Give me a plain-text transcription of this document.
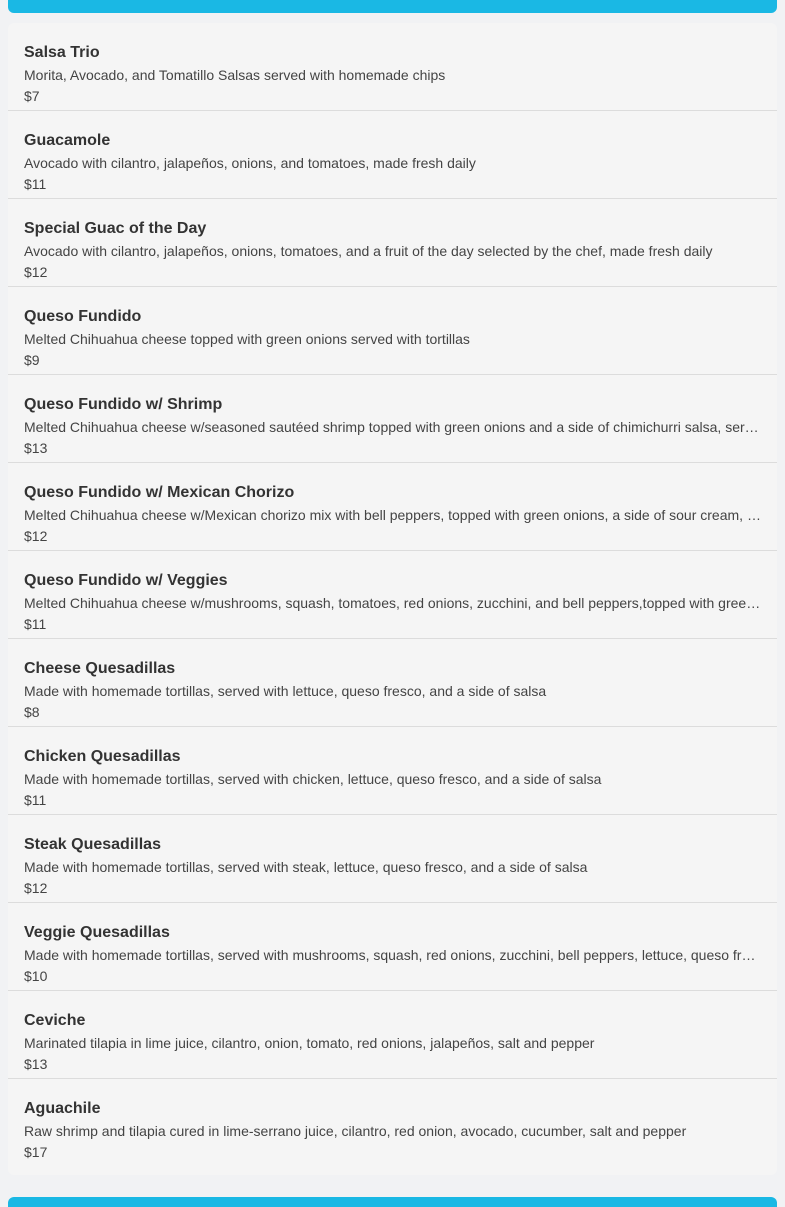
Salsa Trio
Morita, Avocado, and Tomatillo Salsas served with homemade chips
$7
Guacamole
Avocado with cilantro, jalapeños, onions, and tomatoes, made fresh daily
$11
Special Guac of the Day
Avocado with cilantro, jalapeños, onions, tomatoes, and a fruit of the day selected by the chef, made fresh daily
$12
Queso Fundido
Melted Chihuahua cheese topped with green onions served with tortillas
$9
Queso Fundido w/ Shrimp
Melted Chihuahua cheese w/seasoned sautéed shrimp topped with green onions and a side of chimichurri salsa, ser…
$13
Queso Fundido w/ Mexican Chorizo
Melted Chihuahua cheese w/Mexican chorizo mix with bell peppers, topped with green onions, a side of sour cream, …
$12
Queso Fundido w/ Veggies
Melted Chihuahua cheese w/mushrooms, squash, tomatoes, red onions, zucchini, and bell peppers,topped with gree…
$11
Cheese Quesadillas
Made with homemade tortillas, served with lettuce, queso fresco, and a side of salsa
$8
Chicken Quesadillas
Made with homemade tortillas, served with chicken, lettuce, queso fresco, and a side of salsa
$11
Steak Quesadillas
Made with homemade tortillas, served with steak, lettuce, queso fresco, and a side of salsa
$12
Veggie Quesadillas
Made with homemade tortillas, served with mushrooms, squash, red onions, zucchini, bell peppers, lettuce, queso fr…
$10
Ceviche
Marinated tilapia in lime juice, cilantro, onion, tomato, red onions, jalapeños, salt and pepper
$13
Aguachile
Raw shrimp and tilapia cured in lime-serrano juice, cilantro, red onion, avocado, cucumber, salt and pepper
$17
